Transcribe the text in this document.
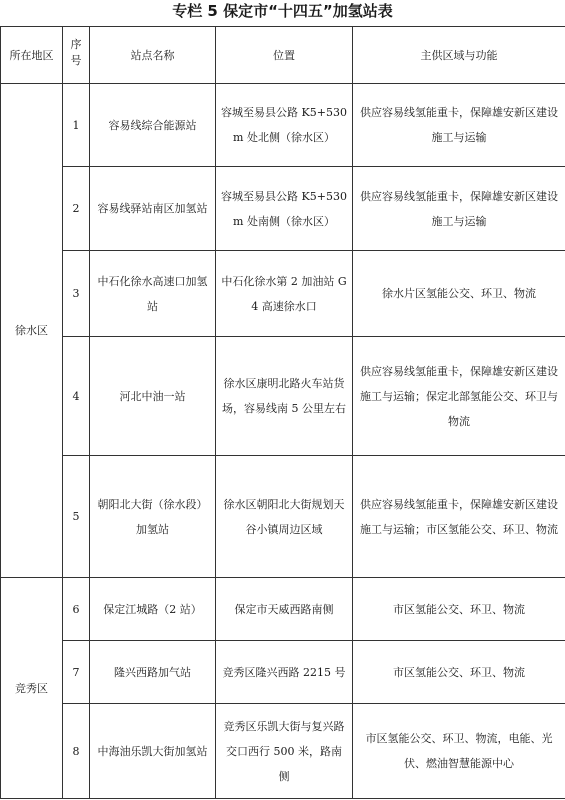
专栏 5 保定市“十四五”加氢站表
所在地区	序号	站点名称	位置	主供区域与功能
徐水区	1	容易线综合能源站	容城至易县公路 K5+530m 处北侧（徐水区）	供应容易线氢能重卡，保障雄安新区建设施工与运输
	2	容易线驿站南区加氢站	容城至易县公路 K5+530m 处南侧（徐水区）	供应容易线氢能重卡，保障雄安新区建设施工与运输
	3	中石化徐水高速口加氢站	中石化徐水第 2 加油站 G4 高速徐水口	徐水片区氢能公交、环卫、物流
	4	河北中油一站	徐水区康明北路火车站货场，容易线南 5 公里左右	供应容易线氢能重卡，保障雄安新区建设施工与运输；保定北部氢能公交、环卫与物流
	5	朝阳北大街（徐水段）加氢站	徐水区朝阳北大街规划天谷小镇周边区域	供应容易线氢能重卡，保障雄安新区建设施工与运输；市区氢能公交、环卫、物流
竞秀区	6	保定江城路（2 站）	保定市天威西路南侧	市区氢能公交、环卫、物流
	7	隆兴西路加气站	竞秀区隆兴西路 2215 号	市区氢能公交、环卫、物流
	8	中海油乐凯大街加氢站	竞秀区乐凯大街与复兴路交口西行 500 米，路南侧	市区氢能公交、环卫、物流，电能、光伏、燃油智慧能源中心
